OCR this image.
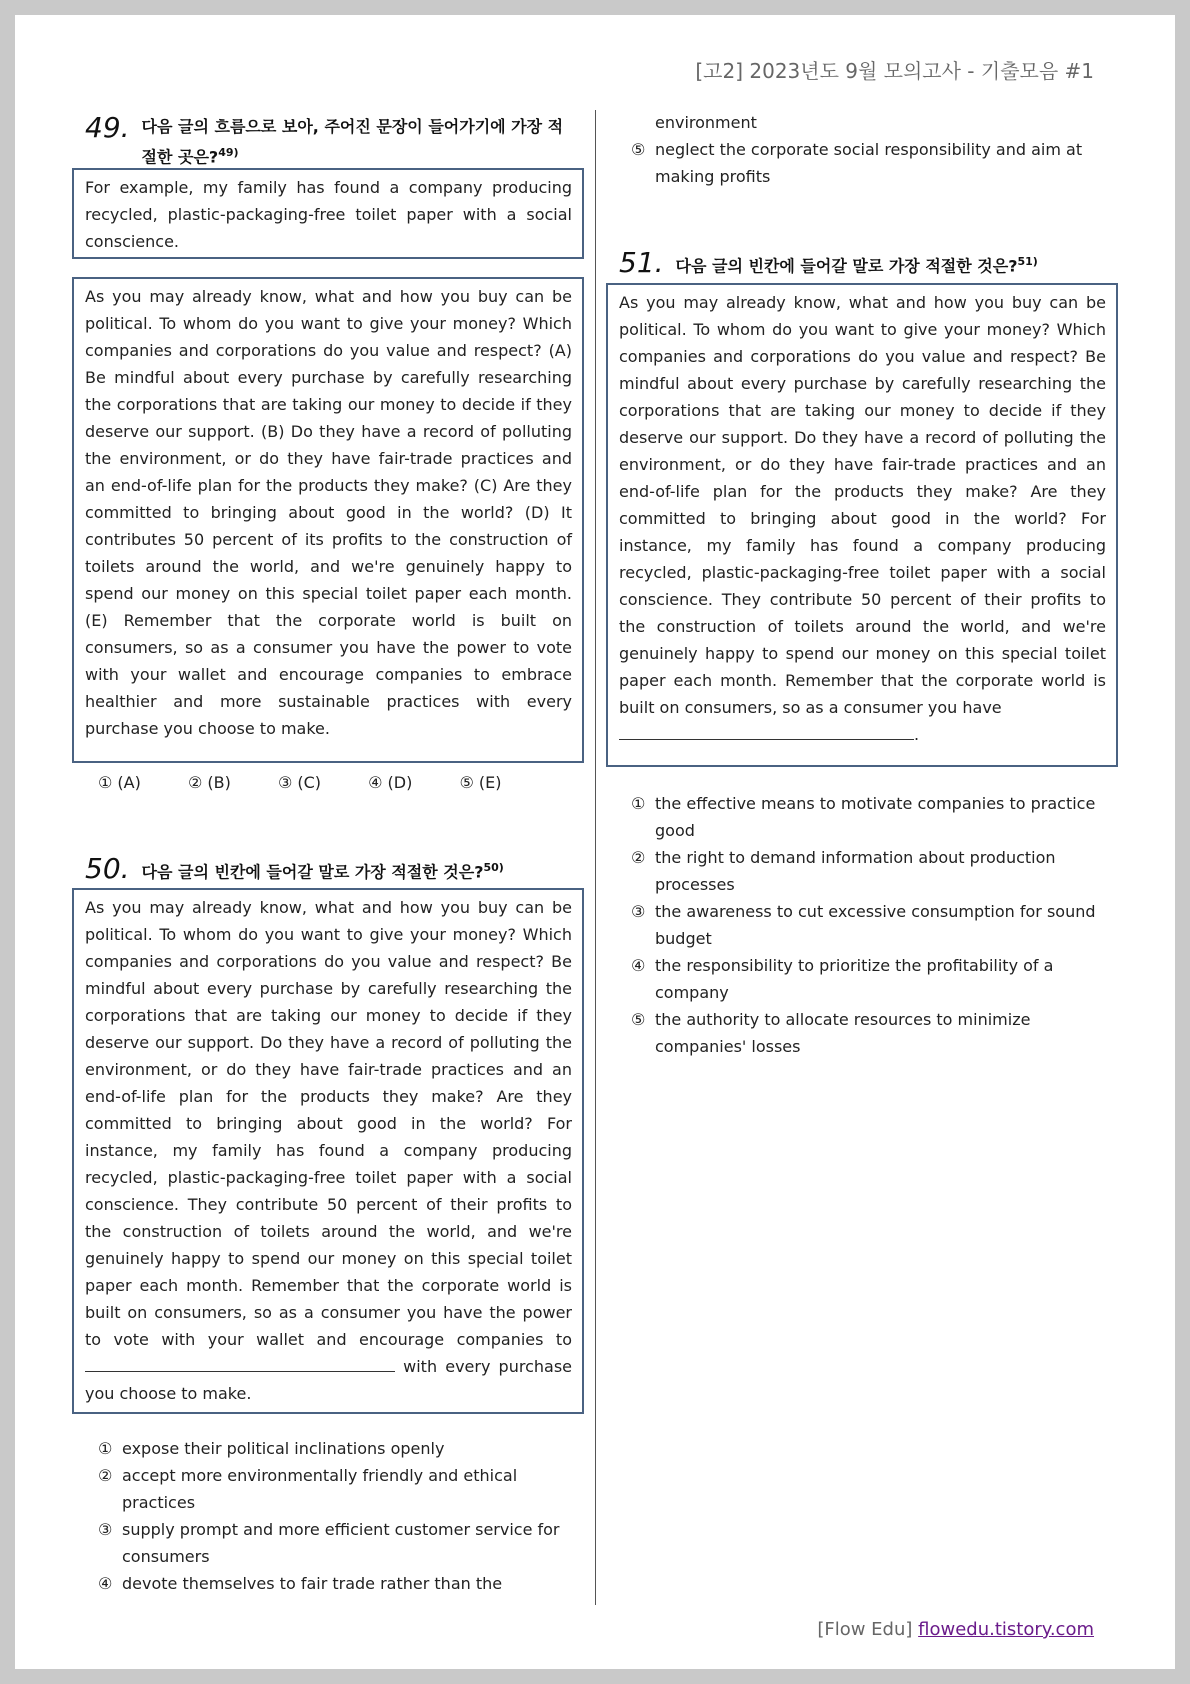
[고2] 2023년도 9월 모의고사 - 기출모음 #1
49. 다음 글의 흐름으로 보아, 주어진 문장이 들어가기에 가장 적
절한 곳은?$^{49)}$

For example, my family has found a company producing recycled, plastic-packaging-free toilet paper with a social conscience.

As you may already know, what and how you buy can be political. To whom do you want to give your money? Which companies and corporations do you value and respect? (A) Be mindful about every purchase by carefully researching the corporations that are taking our money to decide if they deserve our support. (B) Do they have a record of polluting the environment, or do they have fair-trade practices and an end-of-life plan for the products they make? (C) Are they committed to bringing about good in the world? (D) It contributes 50 percent of its profits to the construction of toilets around the world, and we're genuinely happy to spend our money on this special toilet paper each month. (E) Remember that the corporate world is built on consumers, so as a consumer you have the power to vote with your wallet and encourage companies to embrace healthier and more sustainable practices with every purchase you choose to make.

① (A)	② (B)	③ (C)	④ (D)	⑤ (E)
50. 다음 글의 빈칸에 들어갈 말로 가장 적절한 것은?$^{50)}$

As you may already know, what and how you buy can be political. To whom do you want to give your money? Which companies and corporations do you value and respect? Be mindful about every purchase by carefully researching the corporations that are taking our money to decide if they deserve our support. Do they have a record of polluting the environment, or do they have fair-trade practices and an end-of-life plan for the products they make? Are they committed to bringing about good in the world? For instance, my family has found a company producing recycled, plastic-packaging-free toilet paper with a social conscience. They contribute 50 percent of their profits to the construction of toilets around the world, and we're genuinely happy to spend our money on this special toilet paper each month. Remember that the corporate world is built on consumers, so as a consumer you have the power to vote with your wallet and encourage companies to  with every purchase you choose to make.

① expose their political inclinations openly
② accept more environmentally friendly and ethical practices
③ supply prompt and more efficient customer service for consumers
④ devote themselves to fair trade rather than the
environment
⑤ neglect the corporate social responsibility and aim at making profits
51. 다음 글의 빈칸에 들어갈 말로 가장 적절한 것은?$^{51)}$

As you may already know, what and how you buy can be political. To whom do you want to give your money? Which companies and corporations do you value and respect? Be mindful about every purchase by carefully researching the corporations that are taking our money to decide if they deserve our support. Do they have a record of polluting the environment, or do they have fair-trade practices and an end-of-life plan for the products they make? Are they committed to bringing about good in the world? For instance, my family has found a company producing recycled, plastic-packaging-free toilet paper with a social conscience. They contribute 50 percent of their profits to the construction of toilets around the world, and we're genuinely happy to spend our money on this special toilet paper each month. Remember that the corporate world is built on consumers, so as a consumer you have
.

① the effective means to motivate companies to practice good
② the right to demand information about production processes
③ the awareness to cut excessive consumption for sound budget
④ the responsibility to prioritize the profitability of a company
⑤ the authority to allocate resources to minimize companies' losses
[Flow Edu] flowedu.tistory.com
